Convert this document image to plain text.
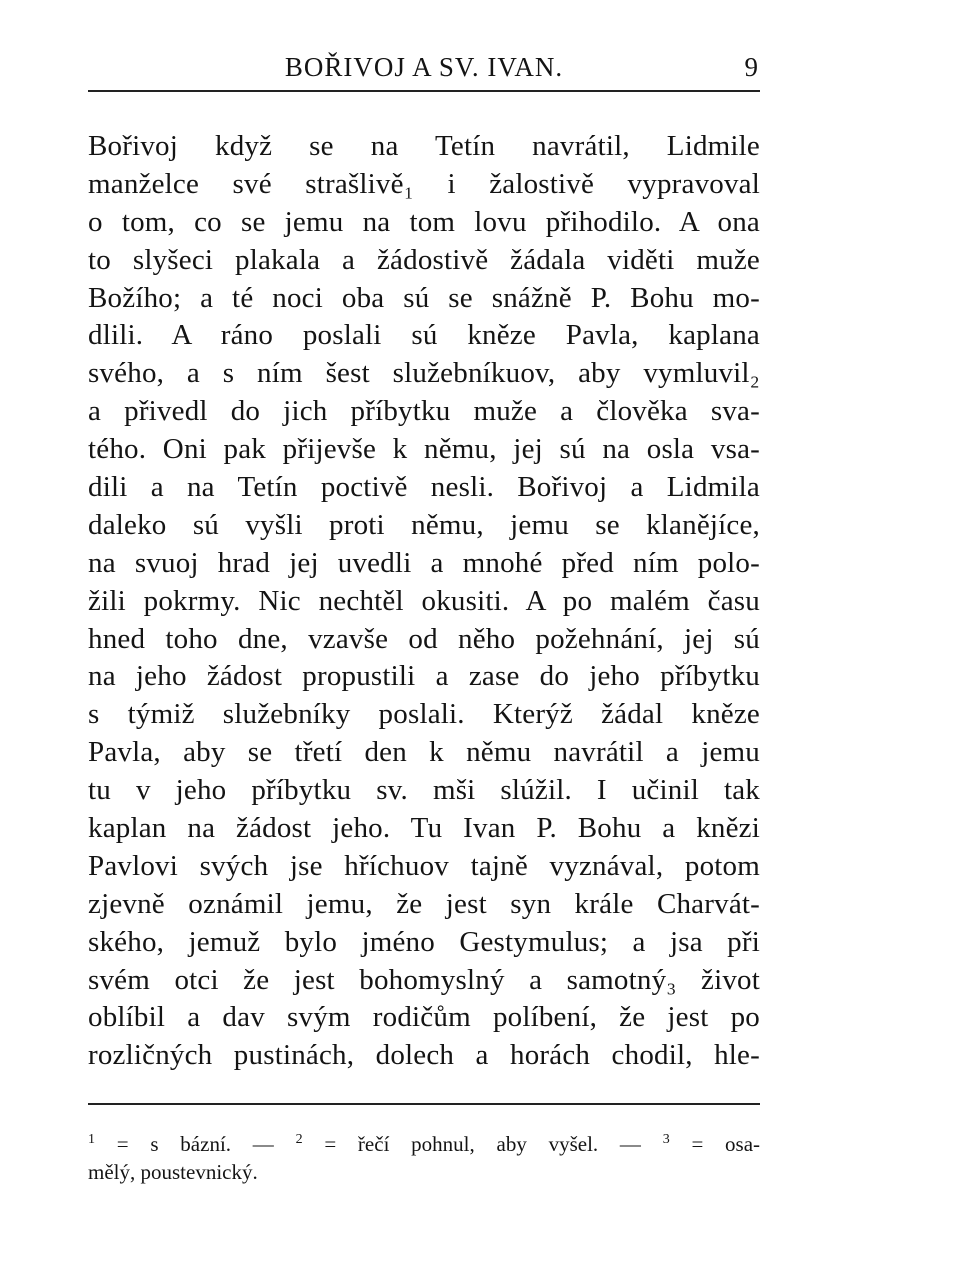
BOŘIVOJ A SV. IVAN.	9
Bořivoj když se na Tetín navrátil, Lidmile
manželce své strašlivě₁ i žalostivě vypravoval
o tom, co se jemu na tom lovu přihodilo. A ona
to slyšeci plakala a žádostivě žádala viděti muže
Božího; a té noci oba sú se snážně P. Bohu mo-
dlili. A ráno poslali sú kněze Pavla, kaplana
svého, a s ním šest služebníkuov, aby vymluvil₂
a přivedl do jich příbytku muže a člověka sva-
tého. Oni pak přijevše k němu, jej sú na osla vsa-
dili a na Tetín poctivě nesli. Bořivoj a Lidmila
daleko sú vyšli proti němu, jemu se klanějíce,
na svuoj hrad jej uvedli a mnohé před ním polo-
žili pokrmy. Nic nechtěl okusiti. A po malém času
hned toho dne, vzavše od něho požehnání, jej sú
na jeho žádost propustili a zase do jeho příbytku
s týmiž služebníky poslali. Kterýž žádal kněze
Pavla, aby se třetí den k němu navrátil a jemu
tu v jeho příbytku sv. mši slúžil. I učinil tak
kaplan na žádost jeho. Tu Ivan P. Bohu a knězi
Pavlovi svých jse hříchuov tajně vyznával, potom
zjevně oznámil jemu, že jest syn krále Charvát-
ského, jemuž bylo jméno Gestymulus; a jsa při
svém otci že jest bohomyslný a samotný₃ život
oblíbil a dav svým rodičům políbení, že jest po
rozličných pustinách, dolech a horách chodil, hle-
$^1$ = s bázní. — $^2$ = řečí pohnul, aby vyšel. — $^3$ = osa-
mělý, poustevnický.
